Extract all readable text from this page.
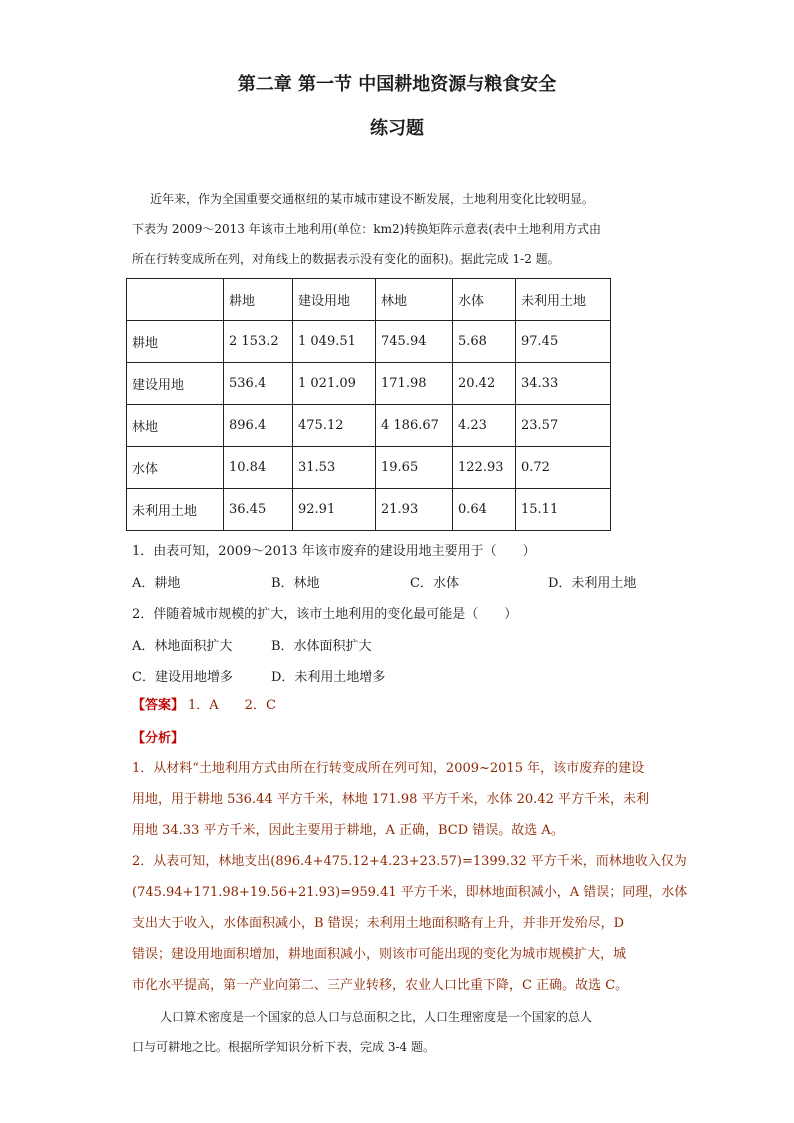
第二章 第一节 中国耕地资源与粮食安全
练习题
近年来，作为全国重要交通枢纽的某市城市建设不断发展，土地利用变化比较明显。
下表为 2009～2013 年该市土地利用(单位：km2)转换矩阵示意表(表中土地利用方式由
所在行转变成所在列，对角线上的数据表示没有变化的面积)。据此完成 1-2 题。
	耕地	建设用地	林地	水体	未利用土地
耕地	2 153.2	1 049.51	745.94	5.68	97.45
建设用地	536.4	1 021.09	171.98	20.42	34.33
林地	896.4	475.12	4 186.67	4.23	23.57
水体	10.84	31.53	19.65	122.93	0.72
未利用土地	36.45	92.91	21.93	0.64	15.11
1．由表可知，2009～2013 年该市废弃的建设用地主要用于（　　）
A．耕地	B．林地	C．水体	D．未利用土地
2．伴随着城市规模的扩大，该市土地利用的变化最可能是（　　）
A．林地面积扩大	B．水体面积扩大
C．建设用地增多	D．未利用土地增多
【答案】 1．A　　2．C
【分析】
1．从材料“土地利用方式由所在行转变成所在列可知，2009~2015 年，该市废弃的建设
用地，用于耕地 536.44 平方千米，林地 171.98 平方千米，水体 20.42 平方千米，未利
用地 34.33 平方千米，因此主要用于耕地，A 正确，BCD 错误。故选 A。
2．从表可知，林地支出(896.4+475.12+4.23+23.57)=1399.32 平方千米，而林地收入仅为
(745.94+171.98+19.56+21.93)=959.41 平方千米，即林地面积减小，A 错误；同理，水体
支出大于收入，水体面积减小，B 错误；未利用土地面积略有上升，并非开发殆尽，D
错误；建设用地面积增加，耕地面积减小，则该市可能出现的变化为城市规模扩大，城
市化水平提高，第一产业向第二、三产业转移，农业人口比重下降，C 正确。故选 C。
人口算术密度是一个国家的总人口与总面积之比，人口生理密度是一个国家的总人
口与可耕地之比。根据所学知识分析下表，完成 3-4 题。
